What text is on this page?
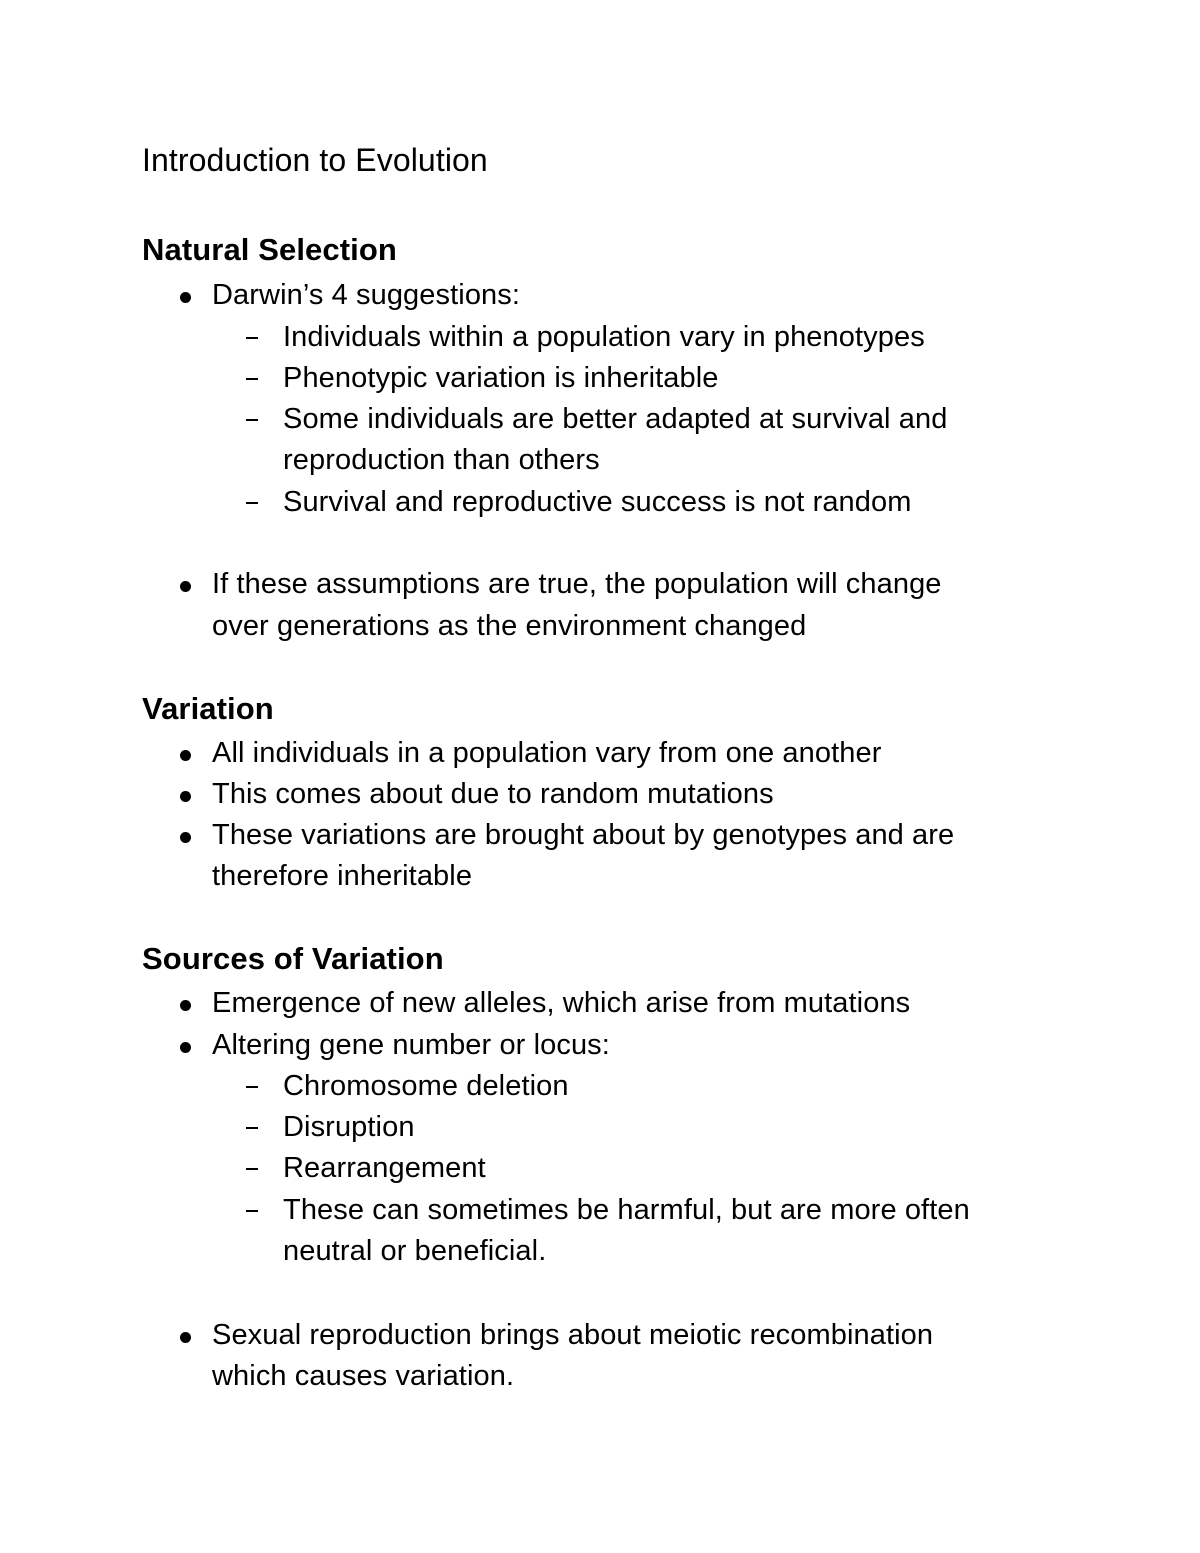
Introduction to Evolution
Natural Selection
Darwin’s 4 suggestions:
Individuals within a population vary in phenotypes
Phenotypic variation is inheritable
Some individuals are better adapted at survival and
reproduction than others
Survival and reproductive success is not random
If these assumptions are true, the population will change
over generations as the environment changed
Variation
All individuals in a population vary from one another
This comes about due to random mutations
These variations are brought about by genotypes and are
therefore inheritable
Sources of Variation
Emergence of new alleles, which arise from mutations
Altering gene number or locus:
Chromosome deletion
Disruption
Rearrangement
These can sometimes be harmful, but are more often
neutral or beneficial.
Sexual reproduction brings about meiotic recombination
which causes variation.
